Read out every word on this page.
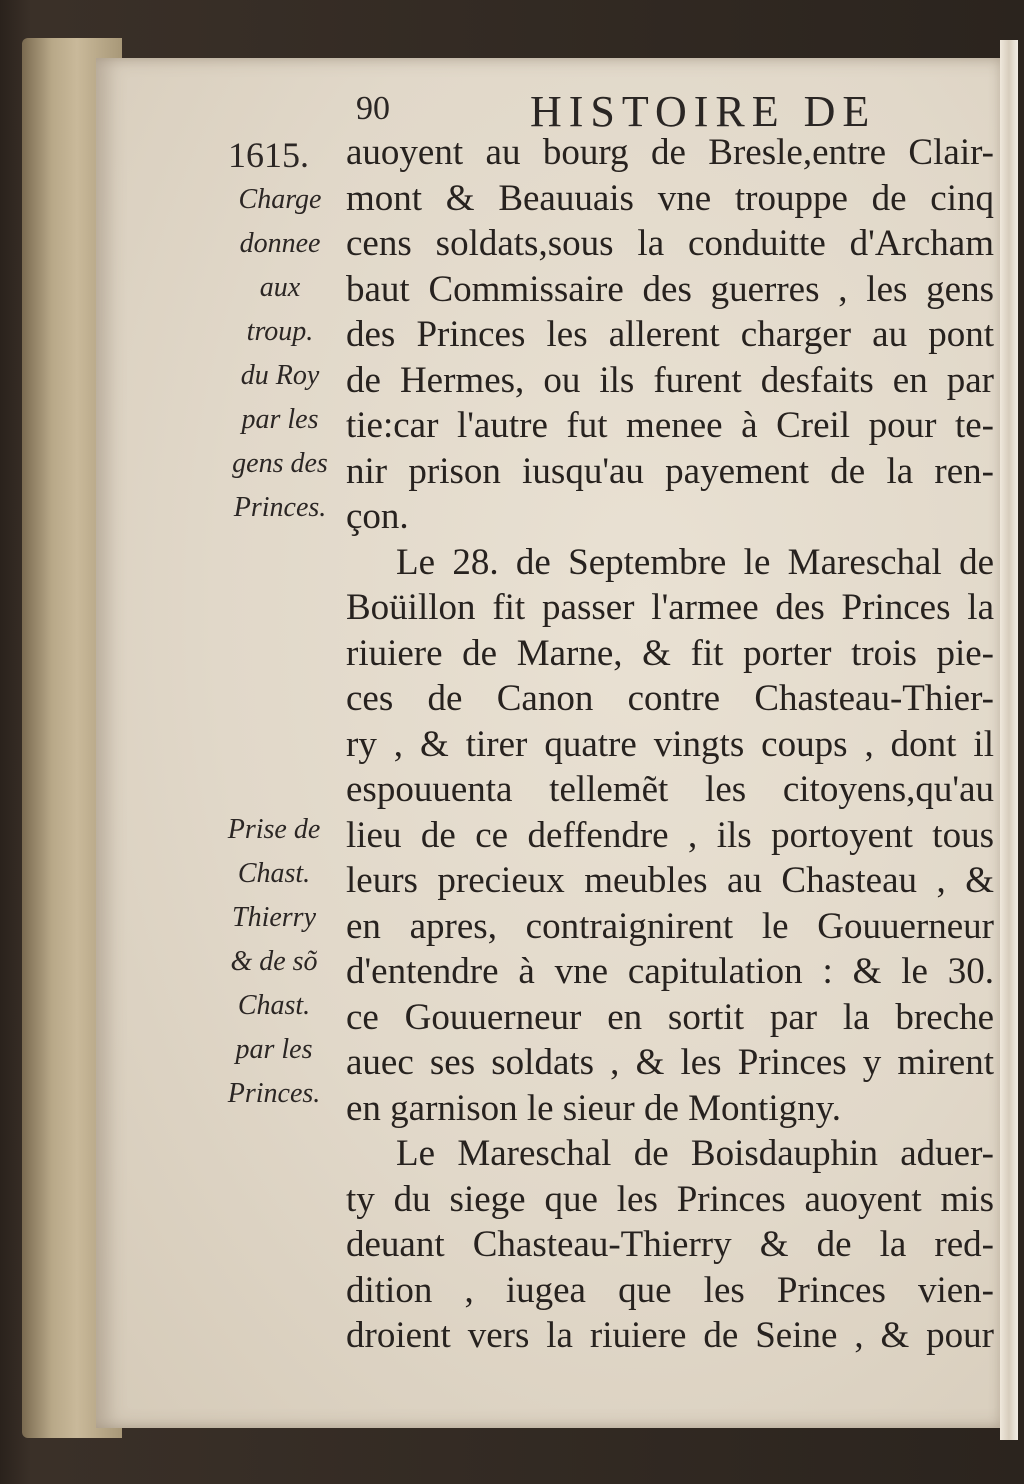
90	HISTOIRE DE
1615.
Charge
donnee
aux
troup.
du Roy
par les
gens des
Princes.
Prise de
Chast.
Thierry
& de sõ
Chast.
par les
Princes.
auoyent au bourg de Bresle,entre Clair-
mont & Beauuais vne trouppe de cinq
cens soldats,sous la conduitte d'Archam
baut Commissaire des guerres , les gens
des Princes les allerent charger au pont
de Hermes, ou ils furent desfaits en par
tie:car l'autre fut menee à Creil pour te-
nir prison iusqu'au payement de la ren-
çon.
Le 28. de Septembre le Mareschal de
Boüillon fit passer l'armee des Princes la
riuiere de Marne, & fit porter trois pie-
ces de Canon contre Chasteau-Thier-
ry , & tirer quatre vingts coups , dont il
espouuenta tellemẽt les citoyens,qu'au
lieu de ce deffendre , ils portoyent tous
leurs precieux meubles au Chasteau , &
en apres, contraignirent le Gouuerneur
d'entendre à vne capitulation : & le 30.
ce Gouuerneur en sortit par la breche
auec ses soldats , & les Princes y mirent
en garnison le sieur de Montigny.
Le Mareschal de Boisdauphin aduer-
ty du siege que les Princes auoyent mis
deuant Chasteau-Thierry & de la red-
dition , iugea que les Princes vien-
droient vers la riuiere de Seine , & pour
